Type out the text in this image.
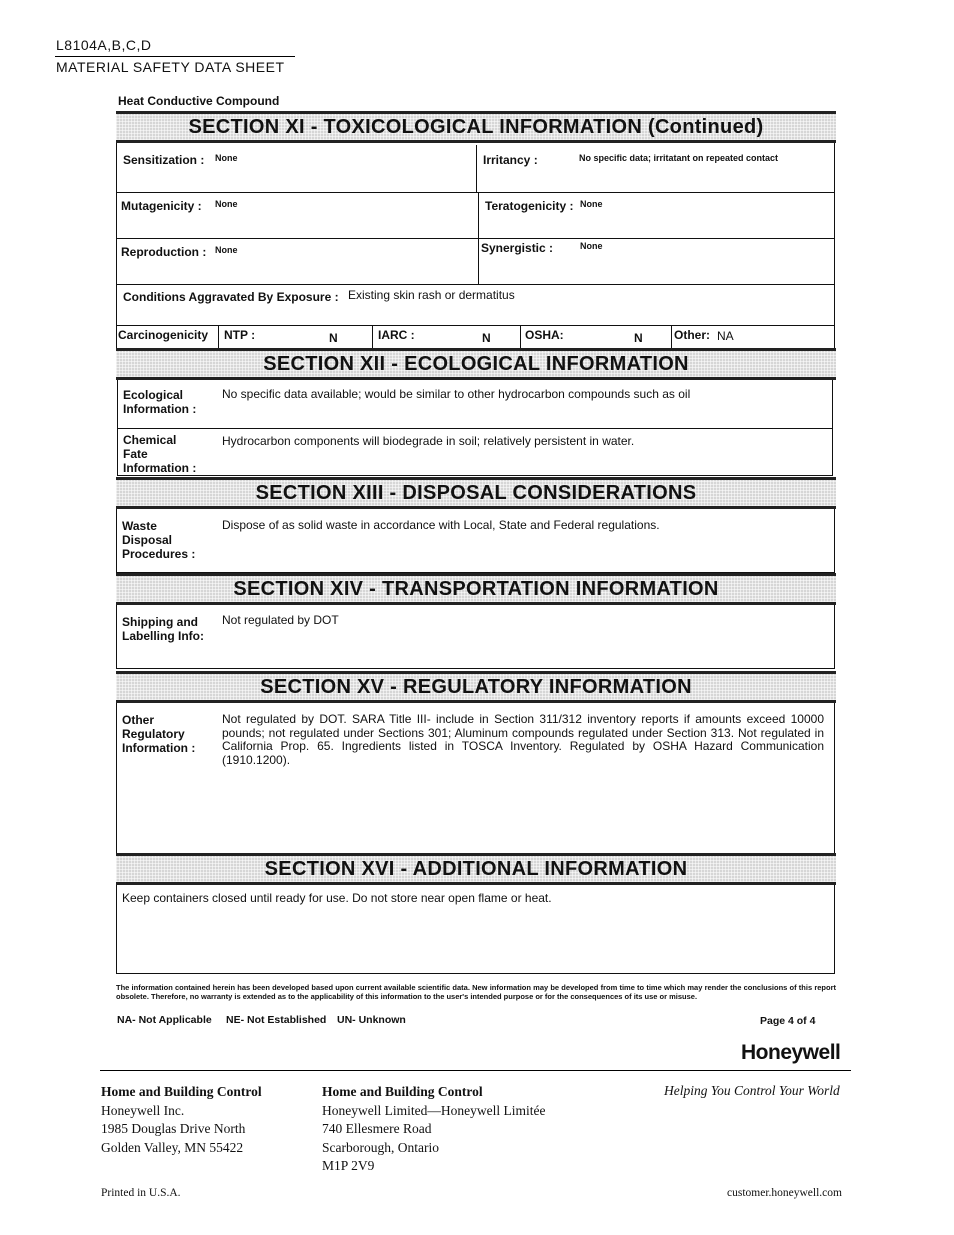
L8104A,B,C,D
MATERIAL SAFETY DATA SHEET
Heat Conductive Compound
SECTION XI - TOXICOLOGICAL INFORMATION (Continued)
Sensitization : None	Irritancy :	No specific data; irritatant on repeated contact
Mutagenicity : None	Teratogenicity : None
Reproduction : None	Synergistic :	None
Conditions Aggravated By Exposure : Existing skin rash or dermatitus
Carcinogenicity NTP :	N	IARC :	N	OSHA:	N	Other: NA
SECTION XII - ECOLOGICAL INFORMATION
Ecological
Information :
No specific data available; would be similar to other hydrocarbon compounds such as oil
Chemical
Fate
Information :
Hydrocarbon components will biodegrade in soil; relatively persistent in water.
SECTION XIII - DISPOSAL CONSIDERATIONS
Waste
Disposal
Procedures :
Dispose of as solid waste in accordance with Local, State and Federal regulations.
SECTION XIV - TRANSPORTATION INFORMATION
Shipping and
Labelling Info:
Not regulated by DOT
SECTION XV - REGULATORY INFORMATION
Other
Regulatory
Information :
Not regulated by DOT. SARA Title III- include in Section 311/312 inventory reports if amounts exceed 10000 pounds; not regulated under Sections 301; Aluminum compounds regulated under Section 313. Not regulated in California Prop. 65. Ingredients listed in TOSCA Inventory. Regulated by OSHA Hazard Communication (1910.1200).
SECTION XVI - ADDITIONAL INFORMATION
Keep containers closed until ready for use. Do not store near open flame or heat.
The information contained herein has been developed based upon current available scientific data. New information may be developed from time to time which may render the conclusions of this report obsolete. Therefore, no warranty is extended as to the applicability of this information to the user's intended purpose or for the consequences of its use or misuse.
NA- Not Applicable NE- Not Established UN- Unknown	Page 4 of 4
Honeywell
Home and Building Control
Honeywell Inc.
1985 Douglas Drive North
Golden Valley, MN 55422
Home and Building Control
Honeywell Limited—Honeywell Limitée
740 Ellesmere Road
Scarborough, Ontario
M1P 2V9
Helping You Control Your World
Printed in U.S.A.	customer.honeywell.com
